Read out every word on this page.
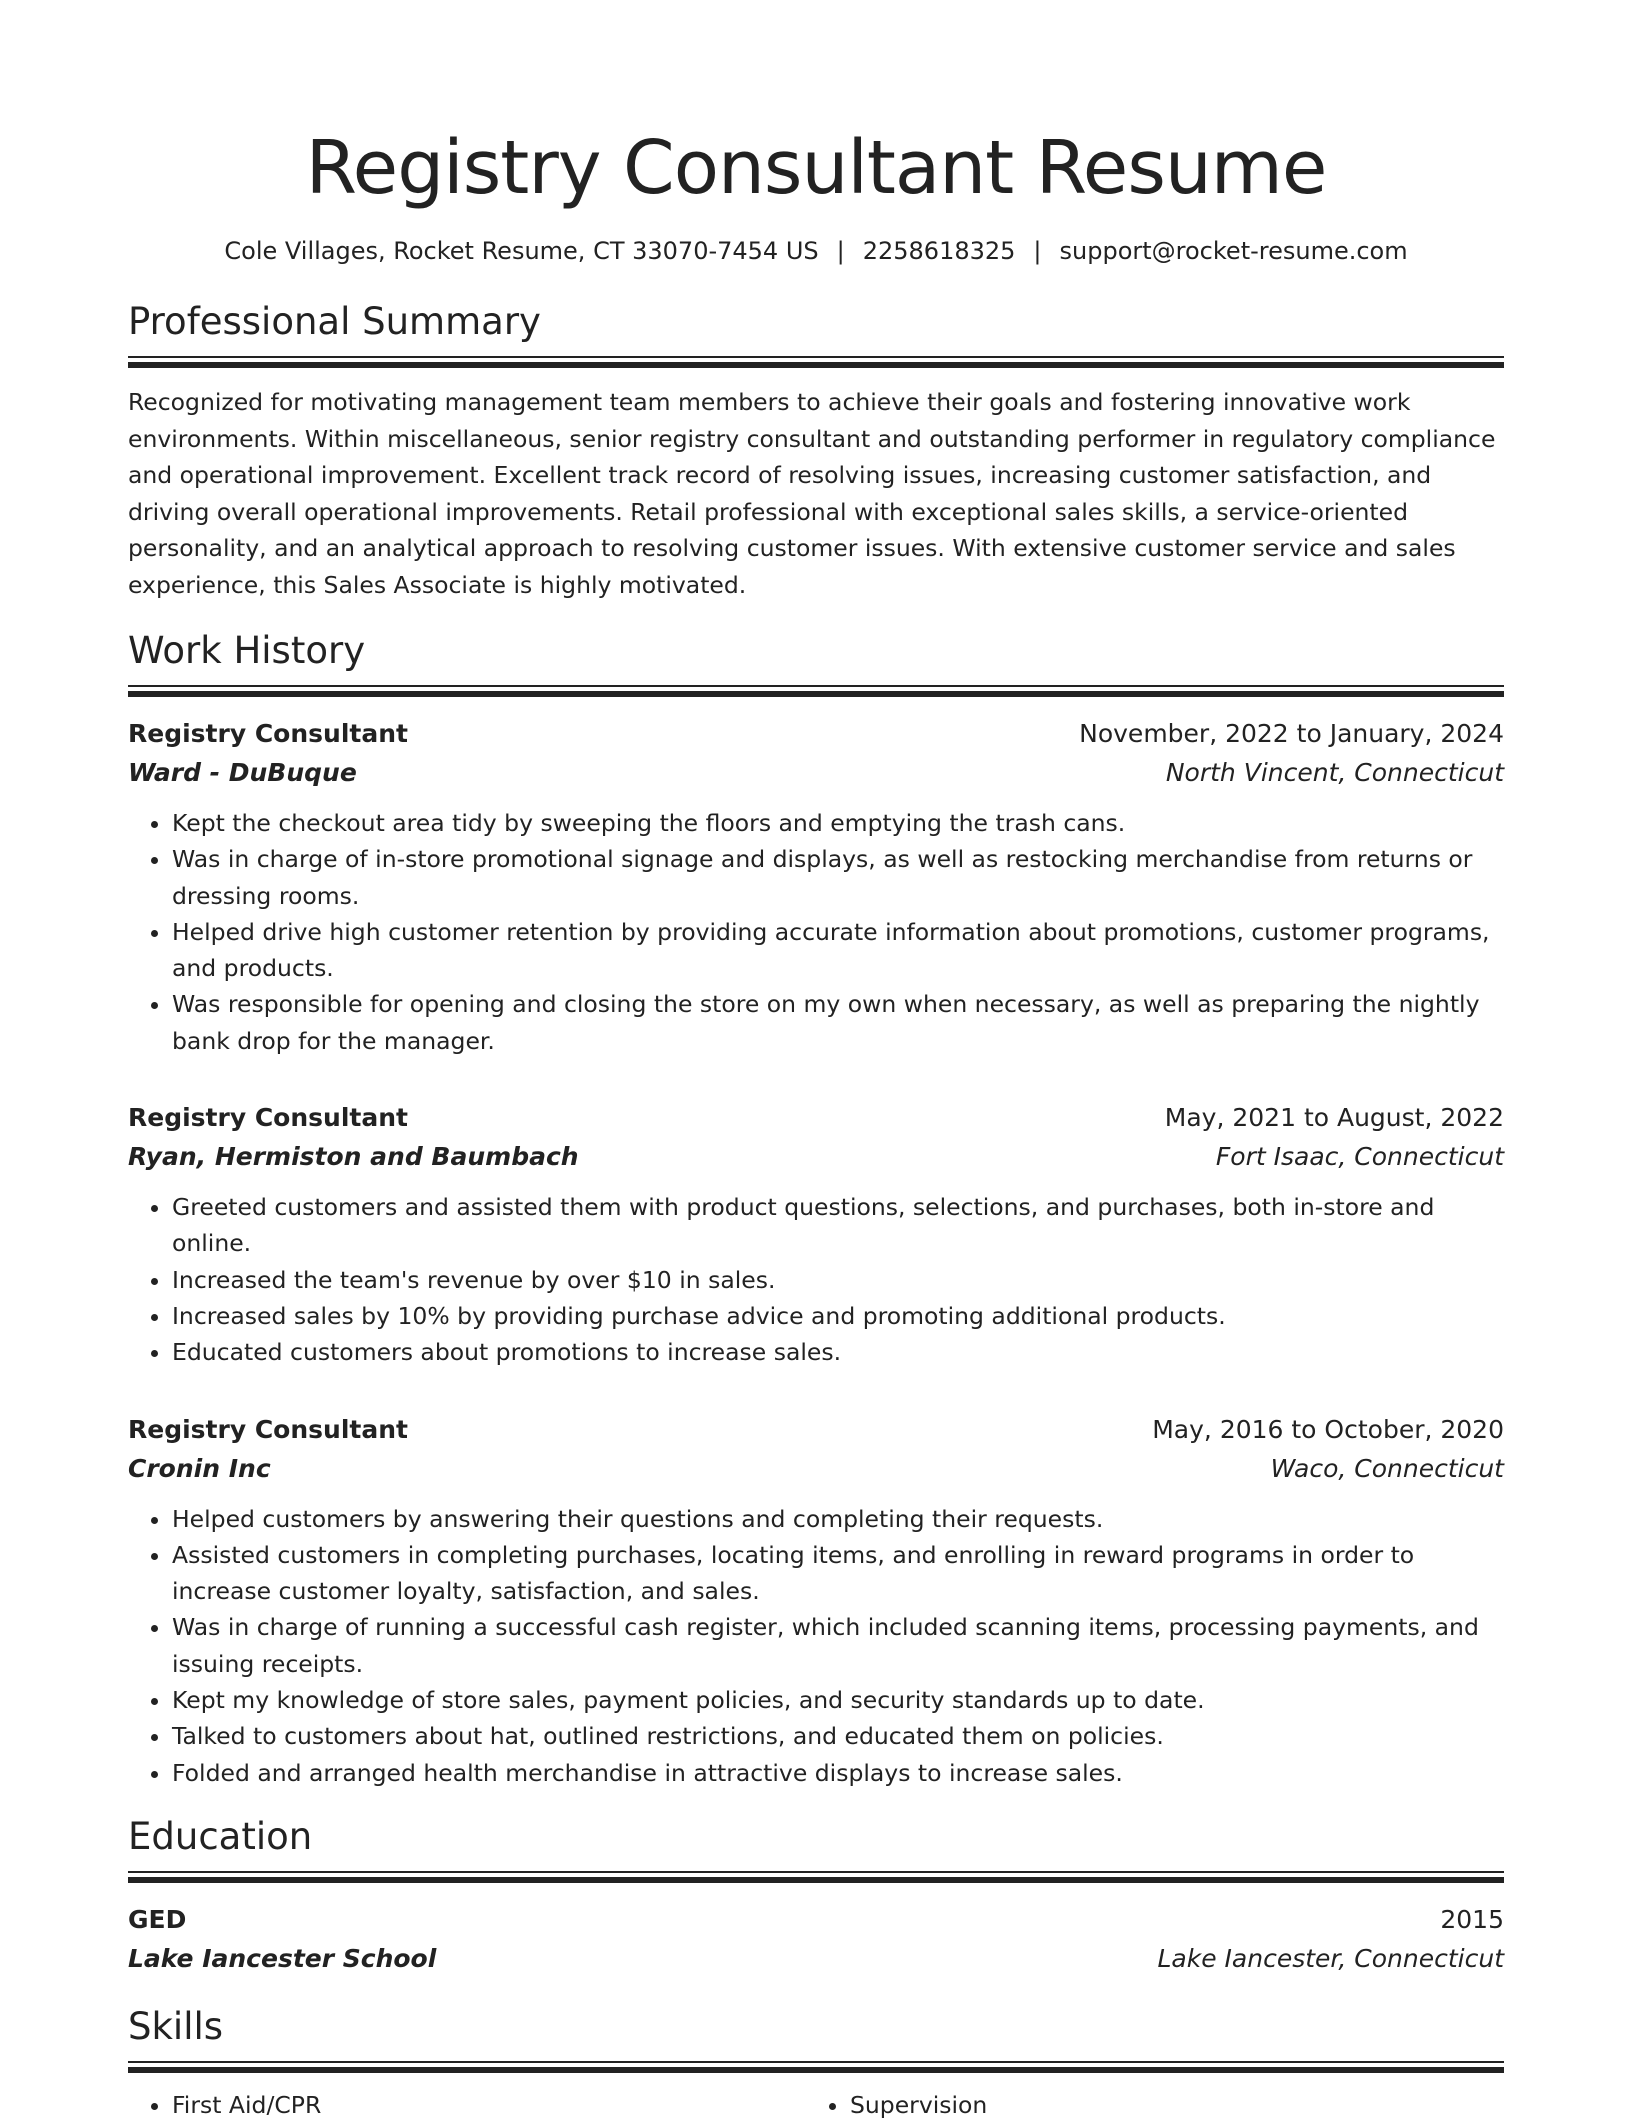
Registry Consultant Resume
Cole Villages, Rocket Resume, CT 33070-7454 US | 2258618325 | support@rocket-resume.com
Professional Summary

Recognized for motivating management team members to achieve their goals and fostering innovative work environments. Within miscellaneous, senior registry consultant and outstanding performer in regulatory compliance and operational improvement. Excellent track record of resolving issues, increasing customer satisfaction, and driving overall operational improvements. Retail professional with exceptional sales skills, a service-oriented personality, and an analytical approach to resolving customer issues. With extensive customer service and sales experience, this Sales Associate is highly motivated.

Work History
Registry Consultant	November, 2022 to January, 2024
Ward - DuBuque	North Vincent, Connecticut
• Kept the checkout area tidy by sweeping the floors and emptying the trash cans.
• Was in charge of in-store promotional signage and displays, as well as restocking merchandise from returns or dressing rooms.
• Helped drive high customer retention by providing accurate information about promotions, customer programs, and products.
• Was responsible for opening and closing the store on my own when necessary, as well as preparing the nightly bank drop for the manager.
Registry Consultant	May, 2021 to August, 2022
Ryan, Hermiston and Baumbach	Fort Isaac, Connecticut
• Greeted customers and assisted them with product questions, selections, and purchases, both in-store and online.
• Increased the team's revenue by over $10 in sales.
• Increased sales by 10% by providing purchase advice and promoting additional products.
• Educated customers about promotions to increase sales.
Registry Consultant	May, 2016 to October, 2020
Cronin Inc	Waco, Connecticut
• Helped customers by answering their questions and completing their requests.
• Assisted customers in completing purchases, locating items, and enrolling in reward programs in order to increase customer loyalty, satisfaction, and sales.
• Was in charge of running a successful cash register, which included scanning items, processing payments, and issuing receipts.
• Kept my knowledge of store sales, payment policies, and security standards up to date.
• Talked to customers about hat, outlined restrictions, and educated them on policies.
• Folded and arranged health merchandise in attractive displays to increase sales.
Education
GED	2015
Lake Iancester School	Lake Iancester, Connecticut
Skills
• First Aid/CPR
•	Supervision
